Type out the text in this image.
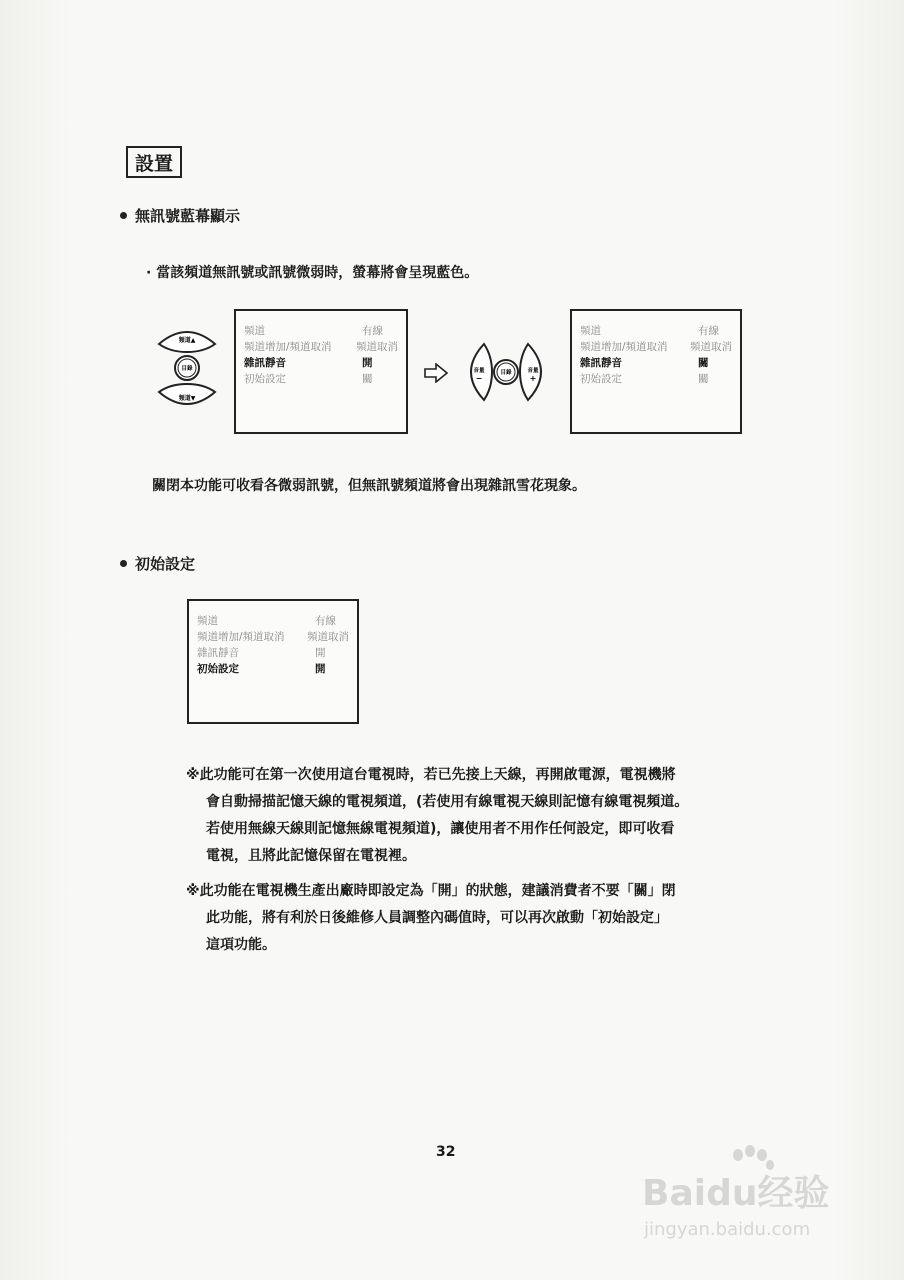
設置
無訊號藍幕顯示
· 當該頻道無訊號或訊號微弱時，螢幕將會呈現藍色。
頻道▲
目錄
頻道▼
頻道	有線
頻道增加/頻道取消	頻道取消
雜訊靜音	開
初始設定	關
音量
−
目錄	音量
+
頻道	有線
頻道增加/頻道取消	頻道取消
雜訊靜音	關
初始設定	關
關閉本功能可收看各微弱訊號，但無訊號頻道將會出現雜訊雪花現象。
初始設定
頻道	有線
頻道增加/頻道取消	頻道取消
雜訊靜音	開
初始設定	開

※此功能可在第一次使用這台電視時，若已先接上天線，再開啟電源，電視機將

會自動掃描記憶天線的電視頻道，(若使用有線電視天線則記憶有線電視頻道。

若使用無線天線則記憶無線電視頻道)，讓使用者不用作任何設定，即可收看

電視，且將此記憶保留在電視裡。

※此功能在電視機生產出廠時即設定為「開」的狀態，建議消費者不要「關」閉

此功能，將有利於日後維修人員調整內碼值時，可以再次啟動「初始設定」

這項功能。

32
Baidu经验
jingyan.baidu.com
